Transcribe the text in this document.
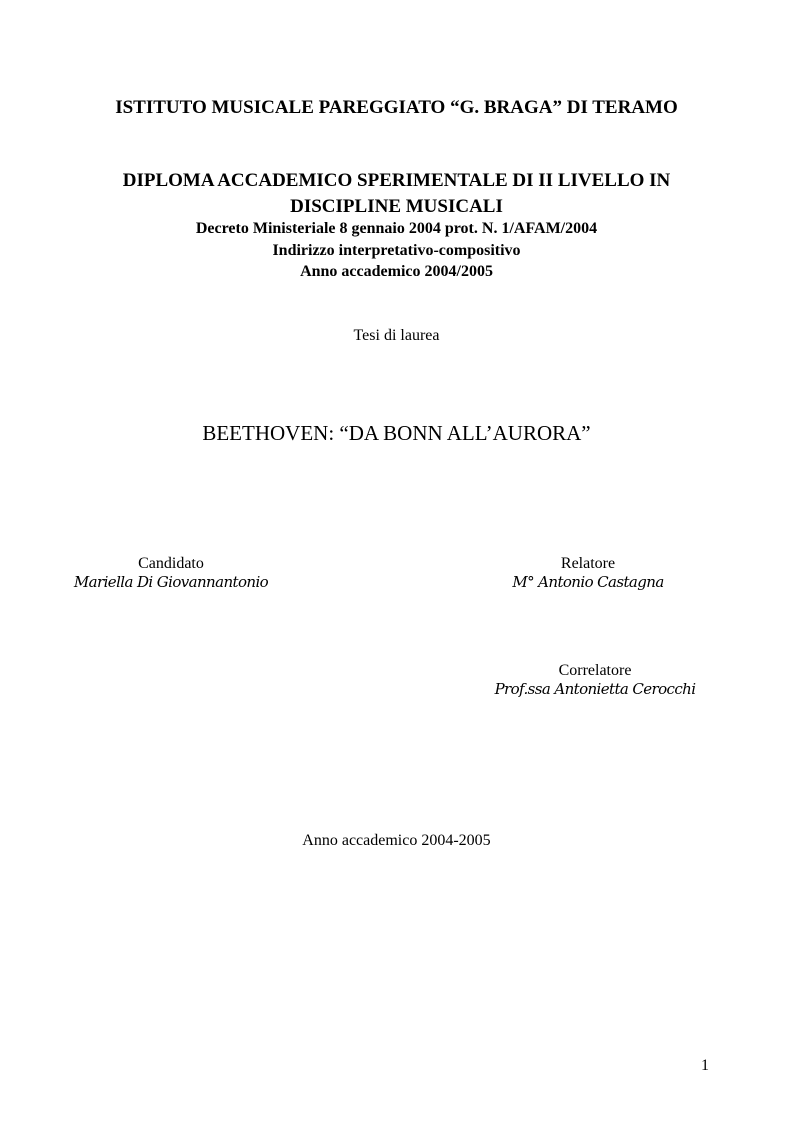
ISTITUTO MUSICALE PAREGGIATO “G. BRAGA” DI TERAMO
DIPLOMA ACCADEMICO SPERIMENTALE DI II LIVELLO IN
DISCIPLINE MUSICALI
Decreto Ministeriale 8 gennaio 2004 prot. N. 1/AFAM/2004
Indirizzo interpretativo-compositivo
Anno accademico 2004/2005
Tesi di laurea
BEETHOVEN: “DA BONN ALL’AURORA”
Candidato
Mariella Di Giovannantonio
Relatore
M° Antonio Castagna
Correlatore
Prof.ssa Antonietta Cerocchi
Anno accademico 2004-2005
1
